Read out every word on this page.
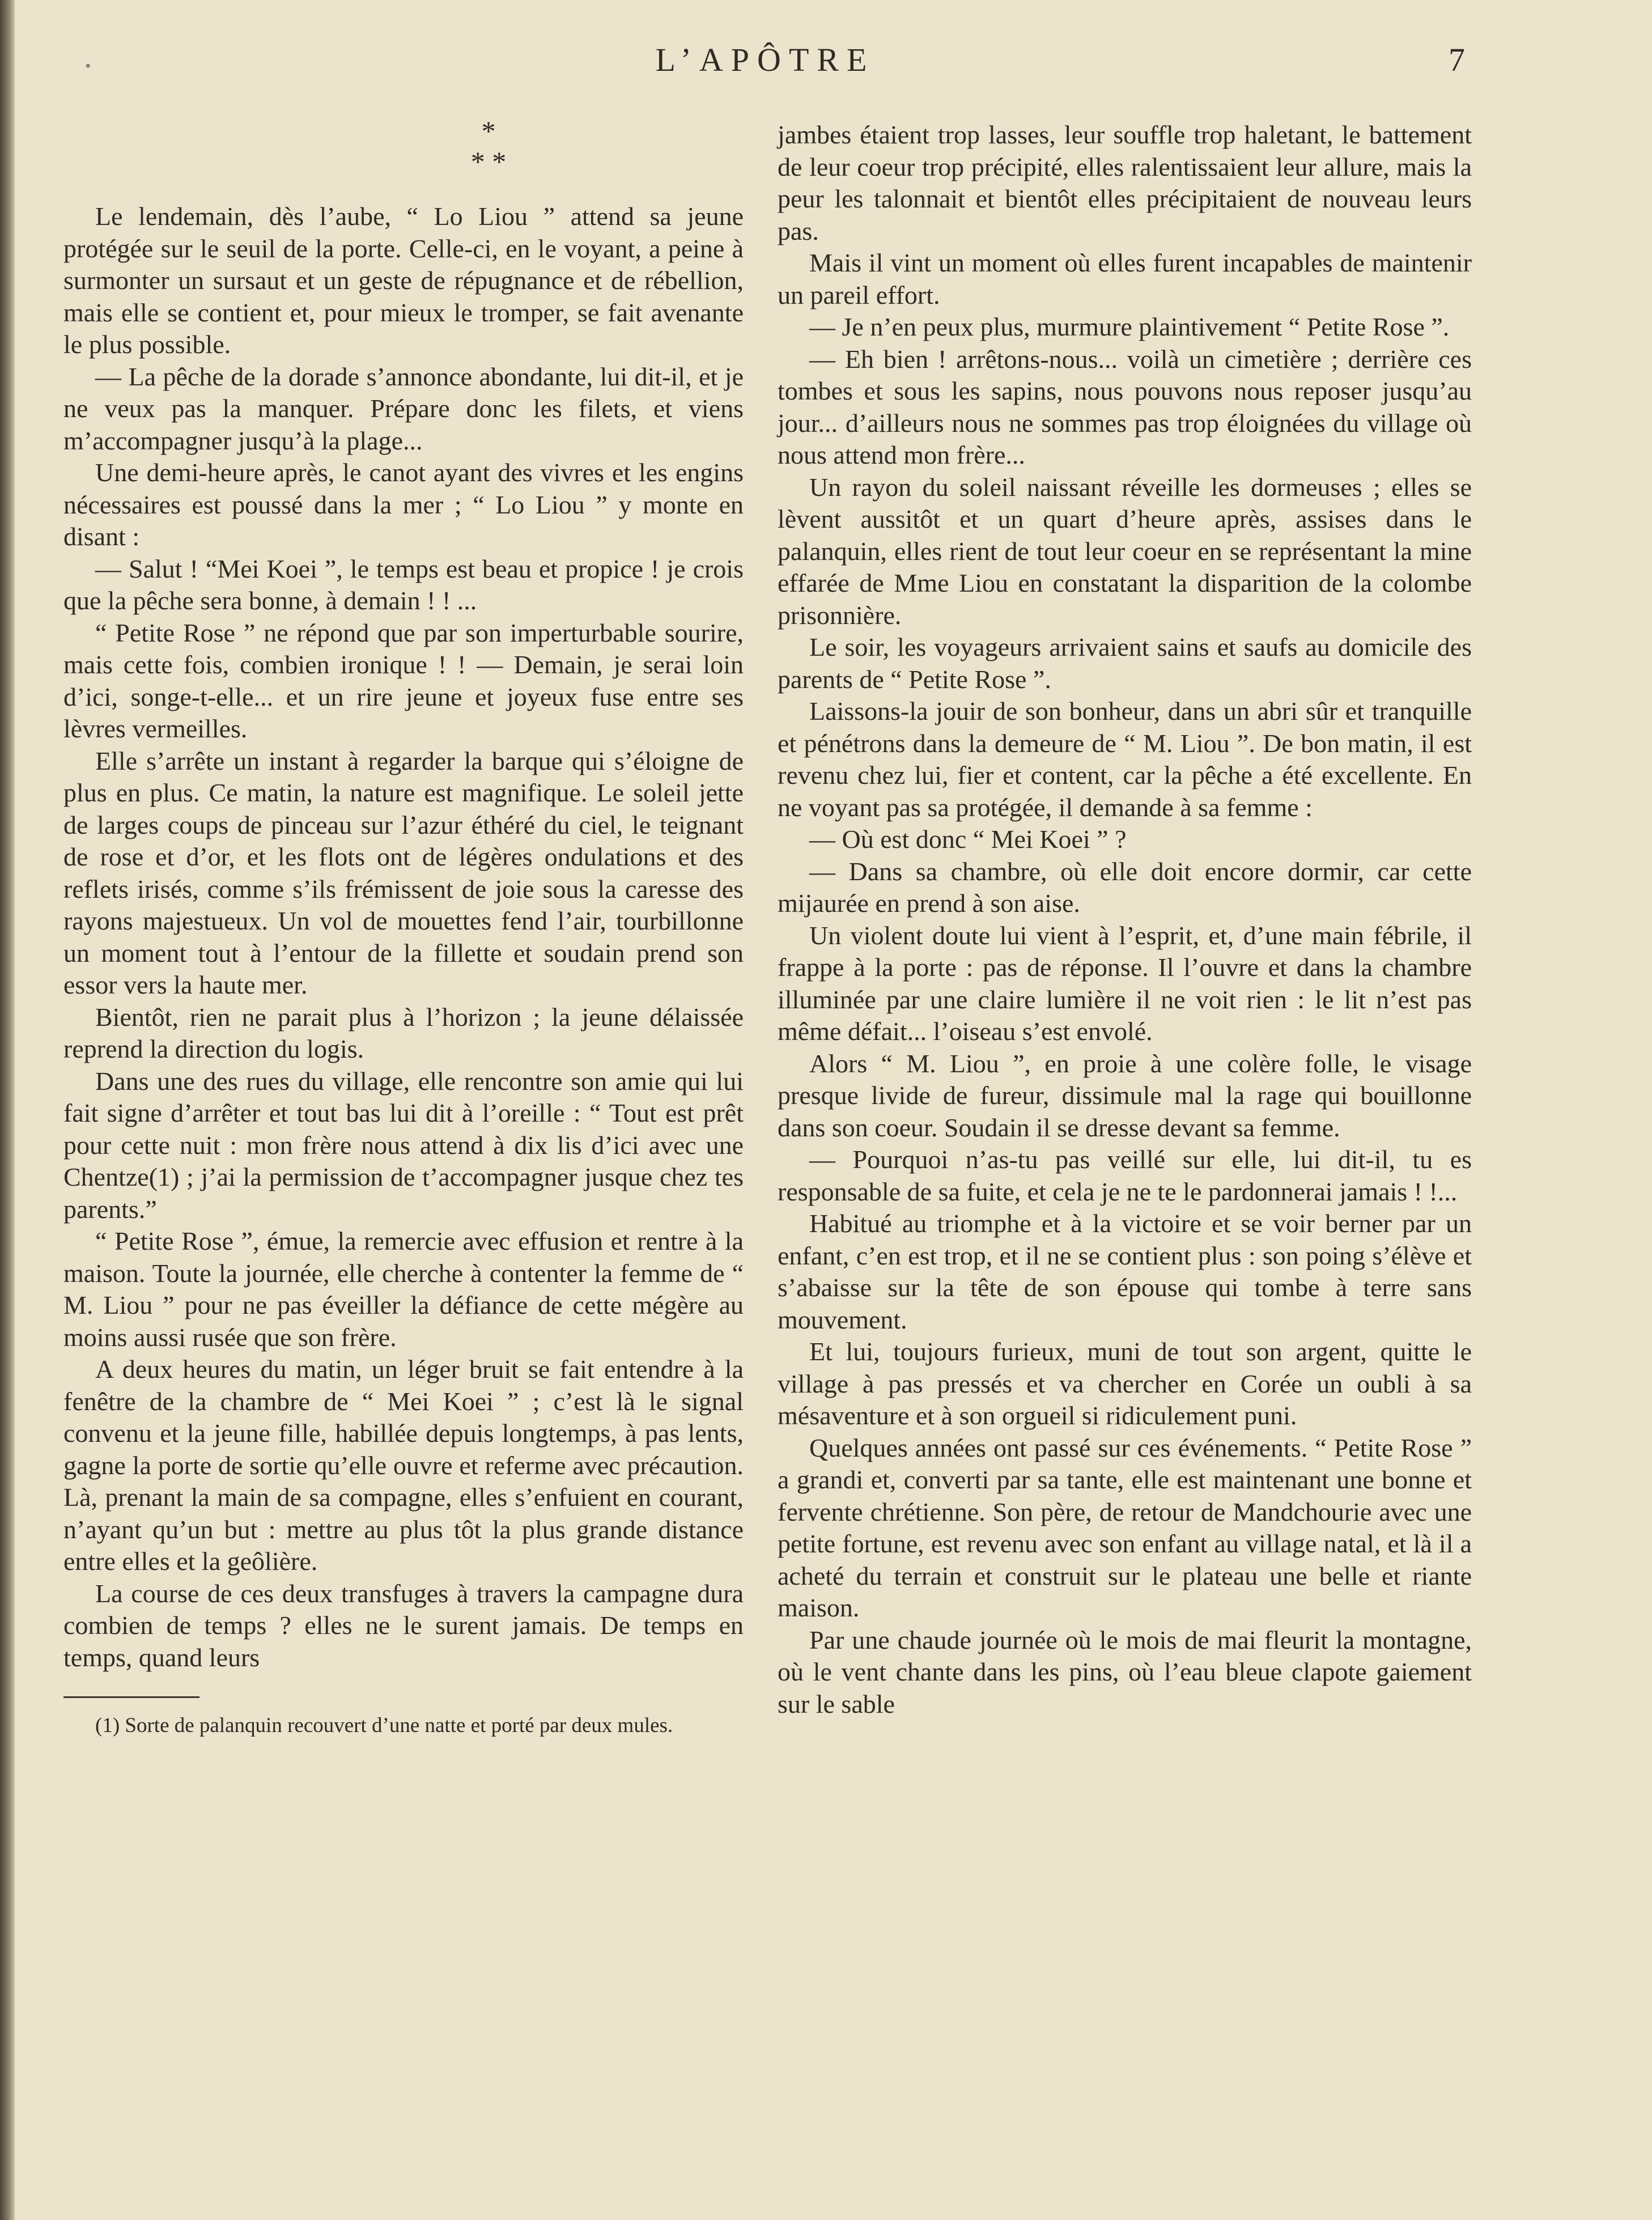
•	L’APÔTRE	7
*
* *

Le lendemain, dès l’aube, “ Lo Liou ” attend sa jeune protégée sur le seuil de la porte. Celle-ci, en le voyant, a peine à surmonter un sursaut et un geste de répugnance et de rébellion, mais elle se contient et, pour mieux le tromper, se fait avenante le plus possible.

— La pêche de la dorade s’annonce abondante, lui dit-il, et je ne veux pas la manquer. Prépare donc les filets, et viens m’accompagner jusqu’à la plage...

Une demi-heure après, le canot ayant des vivres et les engins nécessaires est poussé dans la mer ; “ Lo Liou ” y monte en disant :

— Salut ! “Mei Koei ”, le temps est beau et propice ! je crois que la pêche sera bonne, à demain ! ! ...

“ Petite Rose ” ne répond que par son imperturbable sourire, mais cette fois, combien ironique ! ! — Demain, je serai loin d’ici, songe-t-elle... et un rire jeune et joyeux fuse entre ses lèvres vermeilles.

Elle s’arrête un instant à regarder la barque qui s’éloigne de plus en plus. Ce matin, la nature est magnifique. Le soleil jette de larges coups de pinceau sur l’azur éthéré du ciel, le teignant de rose et d’or, et les flots ont de légères ondulations et des reflets irisés, comme s’ils frémissent de joie sous la caresse des rayons majestueux. Un vol de mouettes fend l’air, tourbillonne un moment tout à l’entour de la fillette et soudain prend son essor vers la haute mer.

Bientôt, rien ne parait plus à l’horizon ; la jeune délaissée reprend la direction du logis.

Dans une des rues du village, elle rencontre son amie qui lui fait signe d’arrêter et tout bas lui dit à l’oreille : “ Tout est prêt pour cette nuit : mon frère nous attend à dix lis d’ici avec une Chentze(1) ; j’ai la permission de t’accompagner jusque chez tes parents.”

“ Petite Rose ”, émue, la remercie avec effusion et rentre à la maison. Toute la journée, elle cherche à contenter la femme de “ M. Liou ” pour ne pas éveiller la défiance de cette mégère au moins aussi rusée que son frère.

A deux heures du matin, un léger bruit se fait entendre à la fenêtre de la chambre de “ Mei Koei ” ; c’est là le signal convenu et la jeune fille, habillée depuis longtemps, à pas lents, gagne la porte de sortie qu’elle ouvre et referme avec précaution. Là, prenant la main de sa compagne, elles s’enfuient en courant, n’ayant qu’un but : mettre au plus tôt la plus grande distance entre elles et la geôlière.

La course de ces deux transfuges à travers la campagne dura combien de temps ? elles ne le surent jamais. De temps en temps, quand leurs

(1) Sorte de palanquin recouvert d’une natte et porté par deux mules.

jambes étaient trop lasses, leur souffle trop haletant, le battement de leur coeur trop précipité, elles ralentissaient leur allure, mais la peur les talonnait et bientôt elles précipitaient de nouveau leurs pas.

Mais il vint un moment où elles furent incapables de maintenir un pareil effort.

— Je n’en peux plus, murmure plaintivement “ Petite Rose ”.

— Eh bien ! arrêtons-nous... voilà un cimetière ; derrière ces tombes et sous les sapins, nous pouvons nous reposer jusqu’au jour... d’ailleurs nous ne sommes pas trop éloignées du village où nous attend mon frère...

Un rayon du soleil naissant réveille les dormeuses ; elles se lèvent aussitôt et un quart d’heure après, assises dans le palanquin, elles rient de tout leur coeur en se représentant la mine effarée de Mme Liou en constatant la disparition de la colombe prisonnière.

Le soir, les voyageurs arrivaient sains et saufs au domicile des parents de “ Petite Rose ”.

Laissons-la jouir de son bonheur, dans un abri sûr et tranquille et pénétrons dans la demeure de “ M. Liou ”. De bon matin, il est revenu chez lui, fier et content, car la pêche a été excellente. En ne voyant pas sa protégée, il demande à sa femme :

— Où est donc “ Mei Koei ” ?

— Dans sa chambre, où elle doit encore dormir, car cette mijaurée en prend à son aise.

Un violent doute lui vient à l’esprit, et, d’une main fébrile, il frappe à la porte : pas de réponse. Il l’ouvre et dans la chambre illuminée par une claire lumière il ne voit rien : le lit n’est pas même défait... l’oiseau s’est envolé.

Alors “ M. Liou ”, en proie à une colère folle, le visage presque livide de fureur, dissimule mal la rage qui bouillonne dans son coeur. Soudain il se dresse devant sa femme.

— Pourquoi n’as-tu pas veillé sur elle, lui dit-il, tu es responsable de sa fuite, et cela je ne te le pardonnerai jamais ! !...

Habitué au triomphe et à la victoire et se voir berner par un enfant, c’en est trop, et il ne se contient plus : son poing s’élève et s’abaisse sur la tête de son épouse qui tombe à terre sans mouvement.

Et lui, toujours furieux, muni de tout son argent, quitte le village à pas pressés et va chercher en Corée un oubli à sa mésaventure et à son orgueil si ridiculement puni.

Quelques années ont passé sur ces événements. “ Petite Rose ” a grandi et, converti par sa tante, elle est maintenant une bonne et fervente chrétienne. Son père, de retour de Mandchourie avec une petite fortune, est revenu avec son enfant au village natal, et là il a acheté du terrain et construit sur le plateau une belle et riante maison.

Par une chaude journée où le mois de mai fleurit la montagne, où le vent chante dans les pins, où l’eau bleue clapote gaiement sur le sable
